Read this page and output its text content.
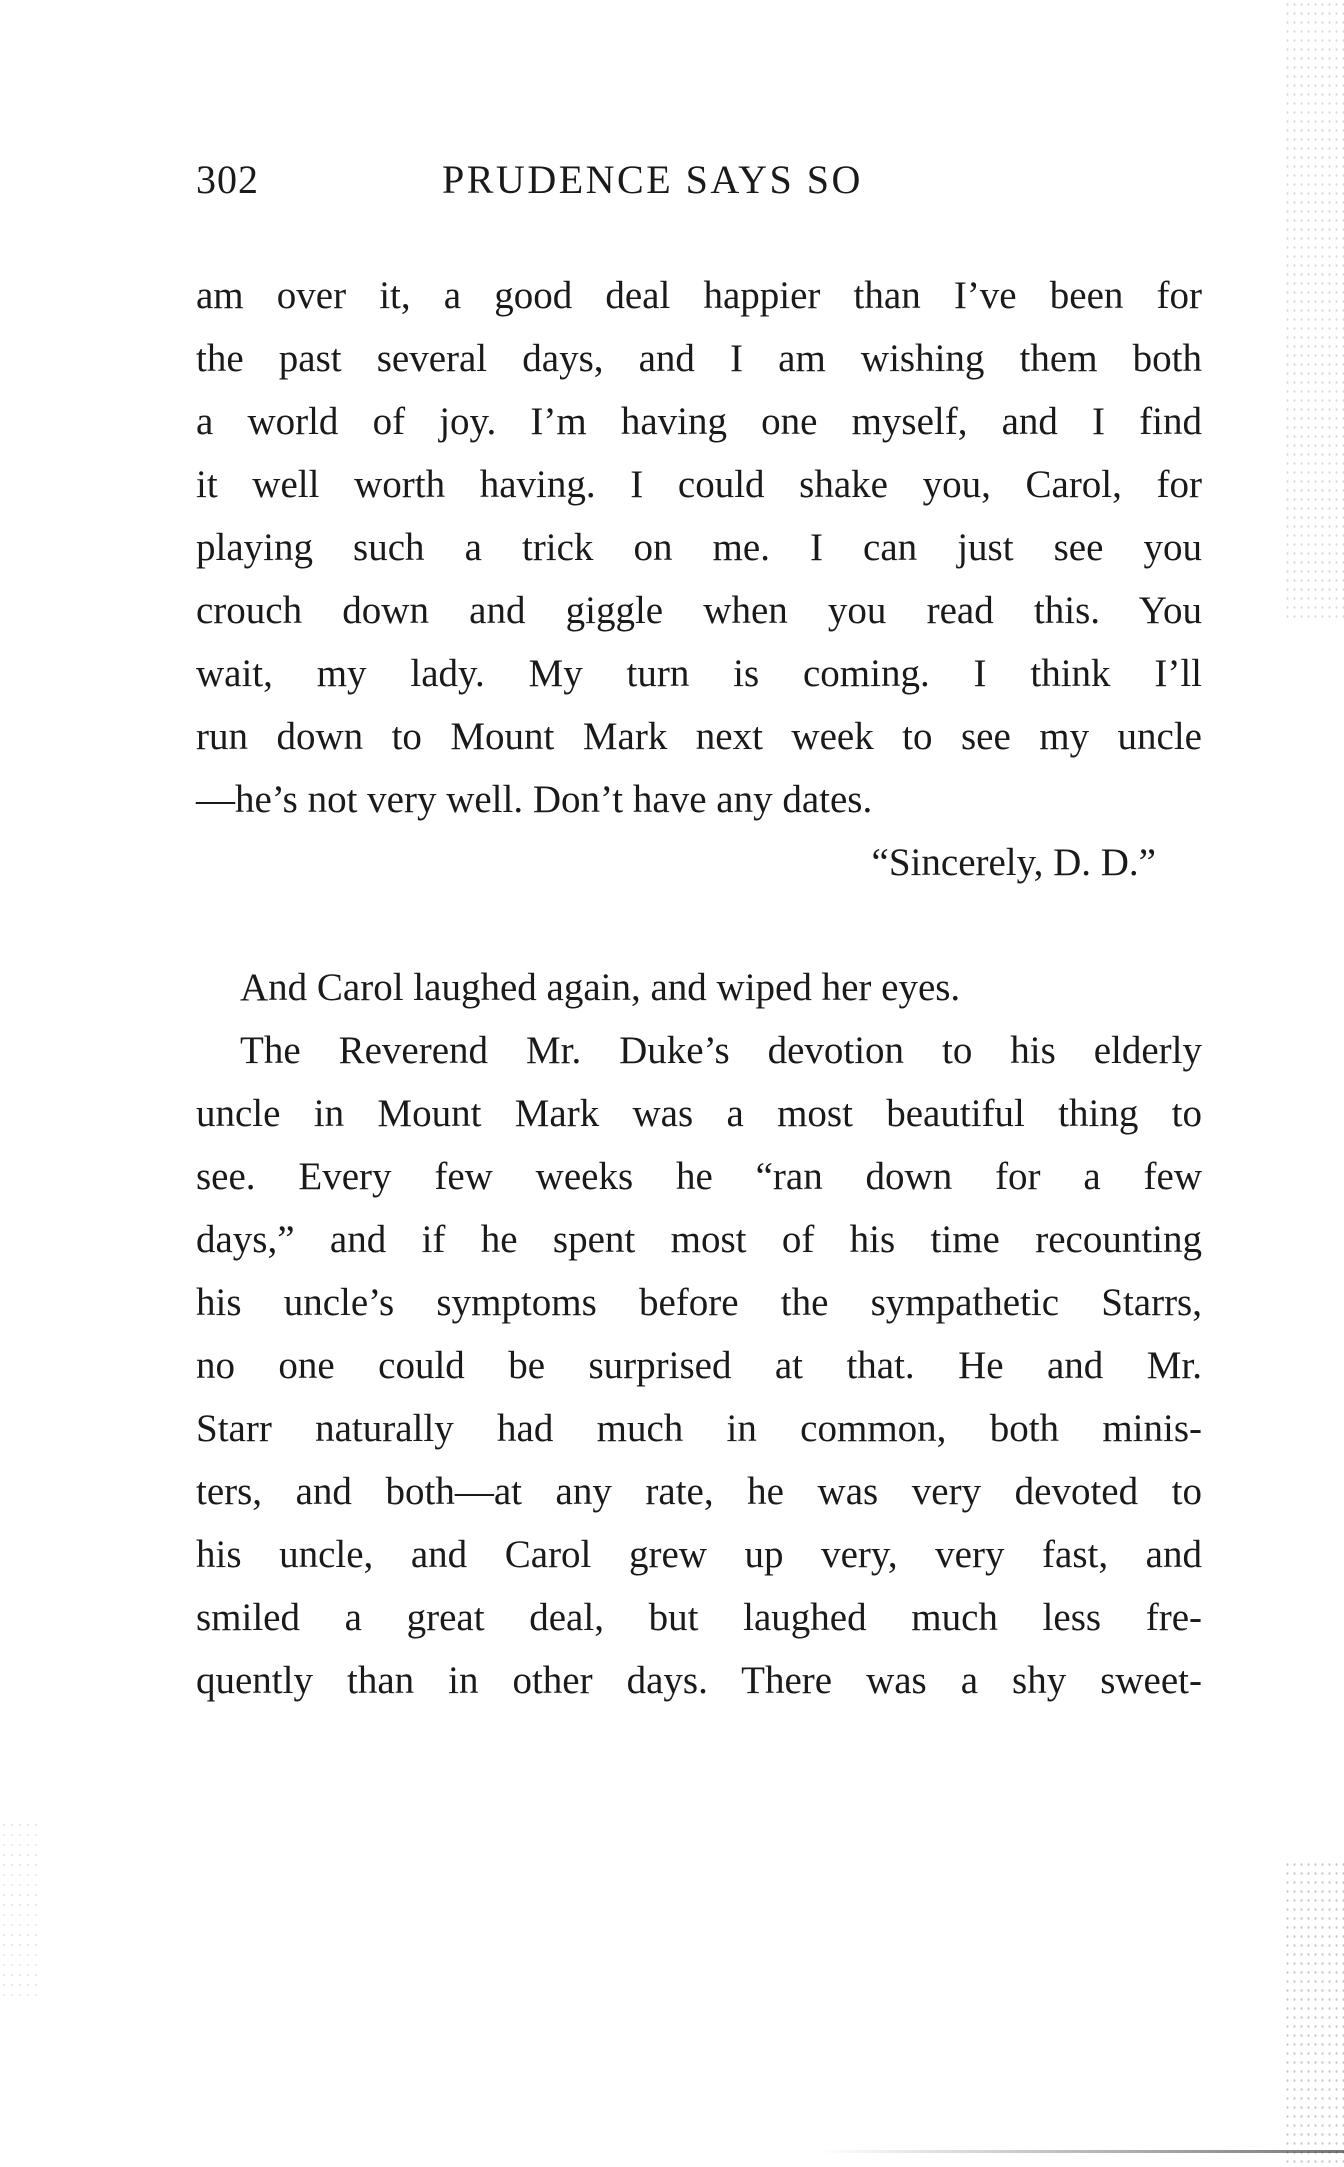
302	PRUDENCE SAYS SO
am over it, a good deal happier than I’ve been for
the past several days, and I am wishing them both
a world of joy. I’m having one myself, and I find
it well worth having. I could shake you, Carol, for
playing such a trick on me. I can just see you
crouch down and giggle when you read this. You
wait, my lady. My turn is coming. I think I’ll
run down to Mount Mark next week to see my uncle
—he’s not very well. Don’t have any dates.
“Sincerely, D. D.”
And Carol laughed again, and wiped her eyes.
The Reverend Mr. Duke’s devotion to his elderly
uncle in Mount Mark was a most beautiful thing to
see. Every few weeks he “ran down for a few
days,” and if he spent most of his time recounting
his uncle’s symptoms before the sympathetic Starrs,
no one could be surprised at that. He and Mr.
Starr naturally had much in common, both minis-
ters, and both—at any rate, he was very devoted to
his uncle, and Carol grew up very, very fast, and
smiled a great deal, but laughed much less fre-
quently than in other days. There was a shy sweet-
